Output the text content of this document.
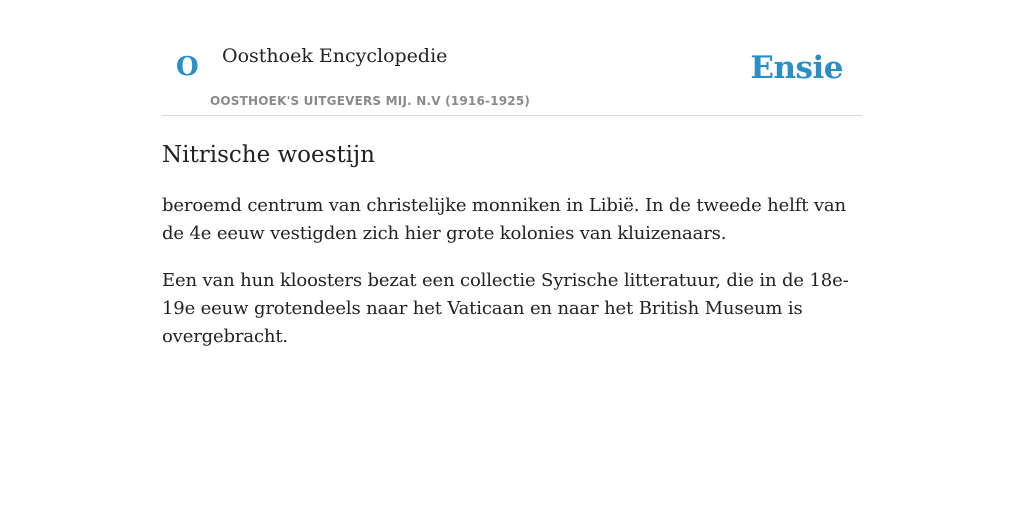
O Oosthoek Encyclopedie
OOSTHOEK'S UITGEVERS MIJ. N.V (1916-1925)
Ensie
Nitrische woestijn

beroemd centrum van christelijke monniken in Libië. In de tweede helft van de 4e eeuw vestigden zich hier grote kolonies van kluizenaars.

Een van hun kloosters bezat een collectie Syrische litteratuur, die in de 18e-19e eeuw grotendeels naar het Vaticaan en naar het British Museum is overgebracht.
